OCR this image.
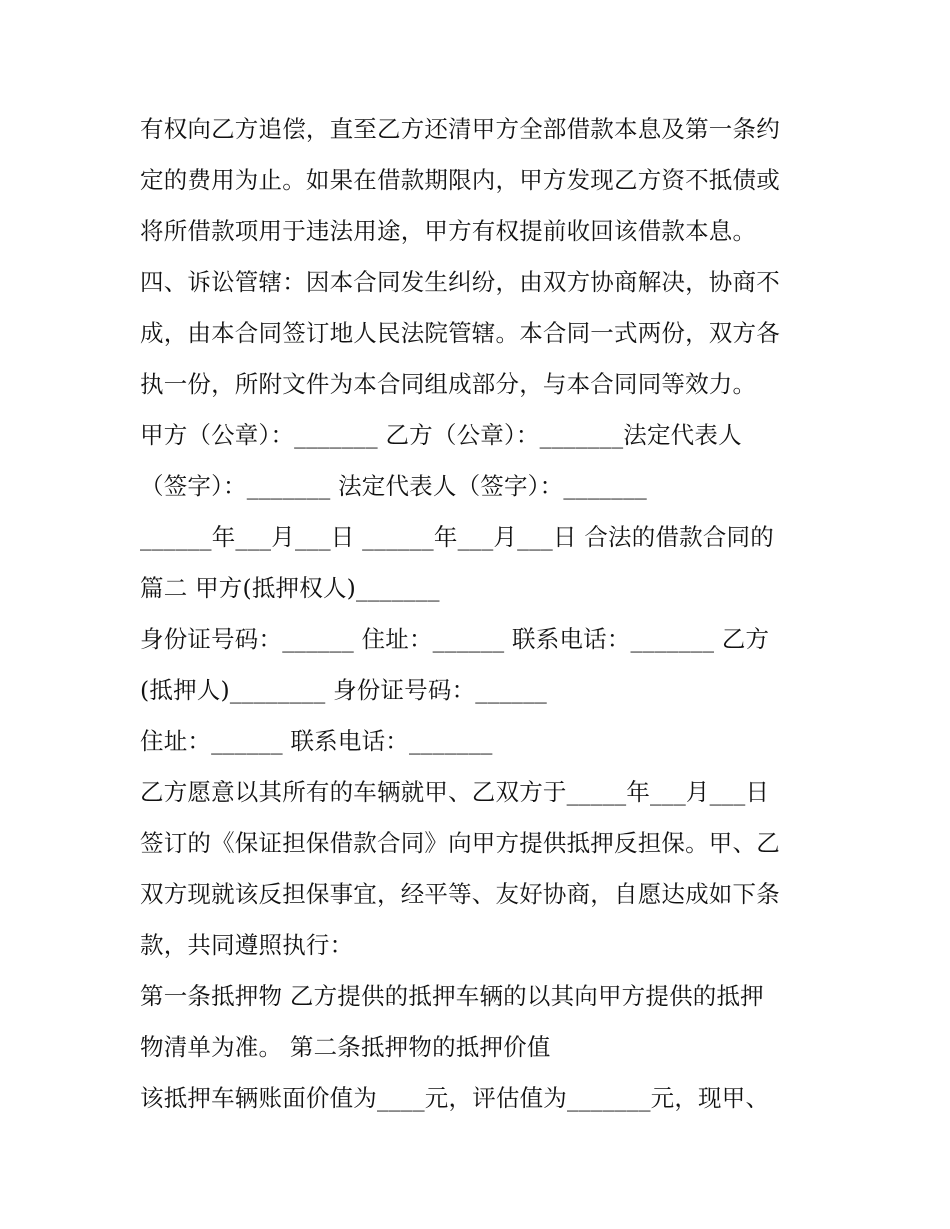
有权向乙方追偿，直至乙方还清甲方全部借款本息及第一条约
定的费用为止。如果在借款期限内，甲方发现乙方资不抵债或
将所借款项用于违法用途，甲方有权提前收回该借款本息。
四、诉讼管辖：因本合同发生纠纷，由双方协商解决，协商不
成，由本合同签订地人民法院管辖。本合同一式两份，双方各
执一份，所附文件为本合同组成部分，与本合同同等效力。
甲方（公章）：_______ 乙方（公章）：_______法定代表人
（签字）：_______ 法定代表人（签字）：_______
______年___月___日 ______年___月___日 合法的借款合同的
篇二 甲方(抵押权人)_______
身份证号码：______ 住址：______ 联系电话：_______ 乙方
(抵押人)________ 身份证号码：______
住址：______ 联系电话：_______
乙方愿意以其所有的车辆就甲、乙双方于_____年___月___日
签订的《保证担保借款合同》向甲方提供抵押反担保。甲、乙
双方现就该反担保事宜，经平等、友好协商，自愿达成如下条
款，共同遵照执行：
第一条抵押物 乙方提供的抵押车辆的以其向甲方提供的抵押
物清单为准。 第二条抵押物的抵押价值
该抵押车辆账面价值为____元，评估值为_______元，现甲、
